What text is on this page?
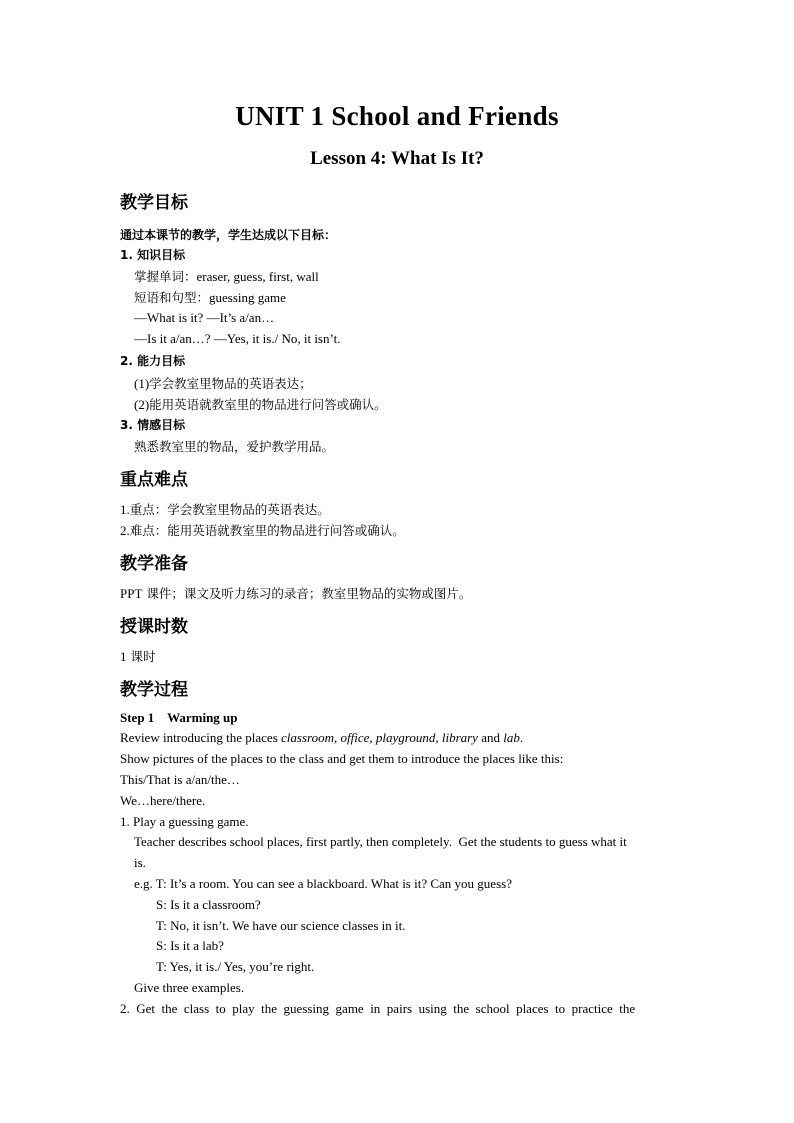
UNIT 1 School and Friends
Lesson 4: What Is It?
教学目标
通过本课节的教学，学生达成以下目标：
1. 知识目标
掌握单词：eraser, guess, first, wall
短语和句型：guessing game
—What is it? —It’s a/an…
—Is it a/an…? —Yes, it is./ No, it isn’t.
2. 能力目标
(1)学会教室里物品的英语表达；
(2)能用英语就教室里的物品进行问答或确认。
3. 情感目标
熟悉教室里的物品，爱护教学用品。
重点难点
1.重点：学会教室里物品的英语表达。
2.难点：能用英语就教室里的物品进行问答或确认。
教学准备
PPT 课件；课文及听力练习的录音；教室里物品的实物或图片。
授课时数
1 课时
教学过程
Step 1    Warming up
Review introducing the places classroom, office, playground, library and lab.
Show pictures of the places to the class and get them to introduce the places like this:
This/That is a/an/the…
We…here/there.
1. Play a guessing game.
Teacher describes school places, first partly, then completely.  Get the students to guess what it
is.
e.g. T: It’s a room. You can see a blackboard. What is it? Can you guess?
S: Is it a classroom?
T: No, it isn’t. We have our science classes in it.
S: Is it a lab?
T: Yes, it is./ Yes, you’re right.
Give three examples.
2.  Get  the  class  to  play  the  guessing  game  in  pairs  using  the  school  places  to  practice  the
